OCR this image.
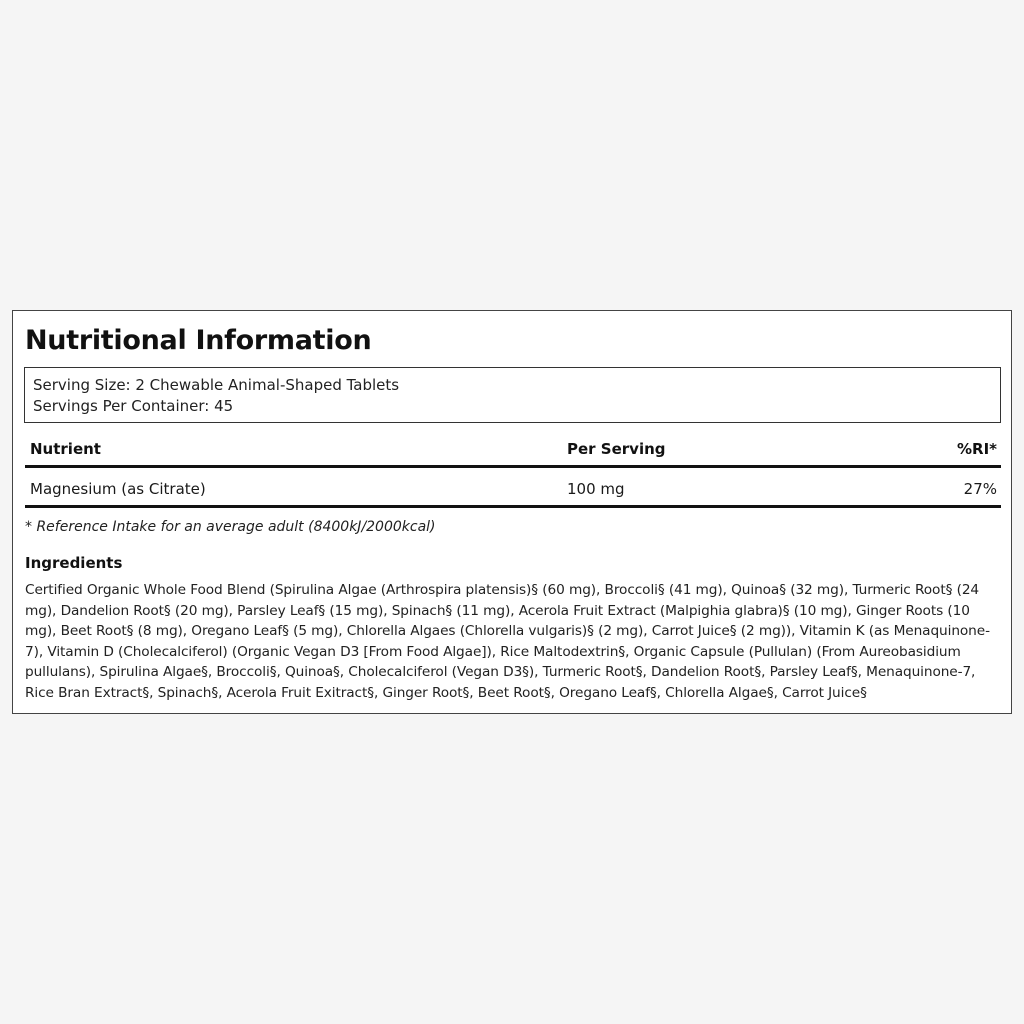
Nutritional Information
Serving Size: 2 Chewable Animal-Shaped Tablets
Servings Per Container: 45
Nutrient	Per Serving	%RI*
Magnesium (as Citrate)	100 mg	27%
* Reference Intake for an average adult (8400kJ/2000kcal)
Ingredients

Certified Organic Whole Food Blend (Spirulina Algae (Arthrospira platensis)§ (60 mg), Broccoli§ (41 mg), Quinoa§ (32 mg), Turmeric Root§ (24 mg), Dandelion Root§ (20 mg), Parsley Leaf§ (15 mg), Spinach§ (11 mg), Acerola Fruit Extract (Malpighia glabra)§ (10 mg), Ginger Roots (10 mg), Beet Root§ (8 mg), Oregano Leaf§ (5 mg), Chlorella Algaes (Chlorella vulgaris)§ (2 mg), Carrot Juice§ (2 mg)), Vitamin K (as Menaquinone-7), Vitamin D (Cholecalciferol) (Organic Vegan D3 [From Food Algae]), Rice Maltodextrin§, Organic Capsule (Pullulan) (From Aureobasidium pullulans), Spirulina Algae§, Broccoli§, Quinoa§, Cholecalciferol (Vegan D3§), Turmeric Root§, Dandelion Root§, Parsley Leaf§, Menaquinone-7, Rice Bran Extract§, Spinach§, Acerola Fruit Exitract§, Ginger Root§, Beet Root§, Oregano Leaf§, Chlorella Algae§, Carrot Juice§
